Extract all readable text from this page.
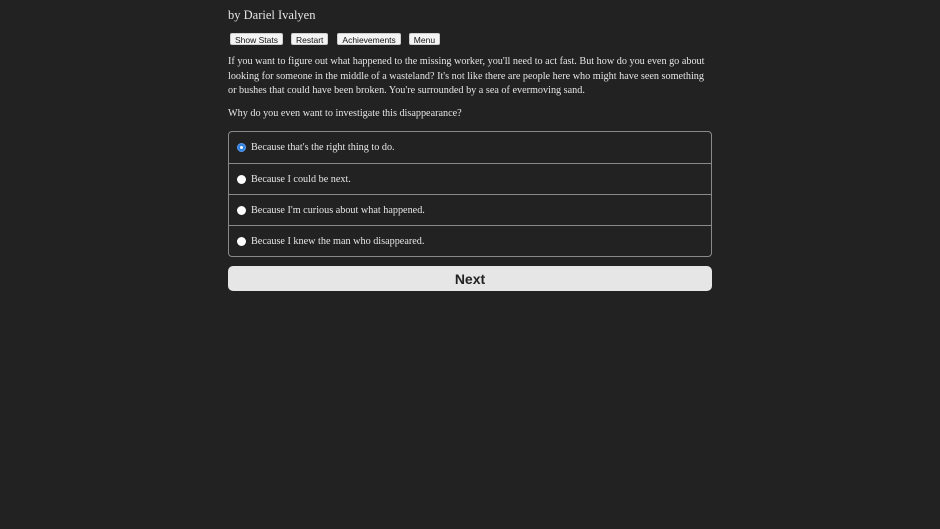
by Dariel Ivalyen
Show Stats	Restart	Achievements	Menu

If you want to figure out what happened to the missing worker, you'll need to act fast. But how do you even go about looking for someone in the middle of a wasteland? It's not like there are people here who might have seen something or bushes that could have been broken. You're surrounded by a sea of evermoving sand.

Why do you even want to investigate this disappearance?

Because that's the right thing to do.
Because I could be next.
Because I'm curious about what happened.
Because I knew the man who disappeared.
Next
